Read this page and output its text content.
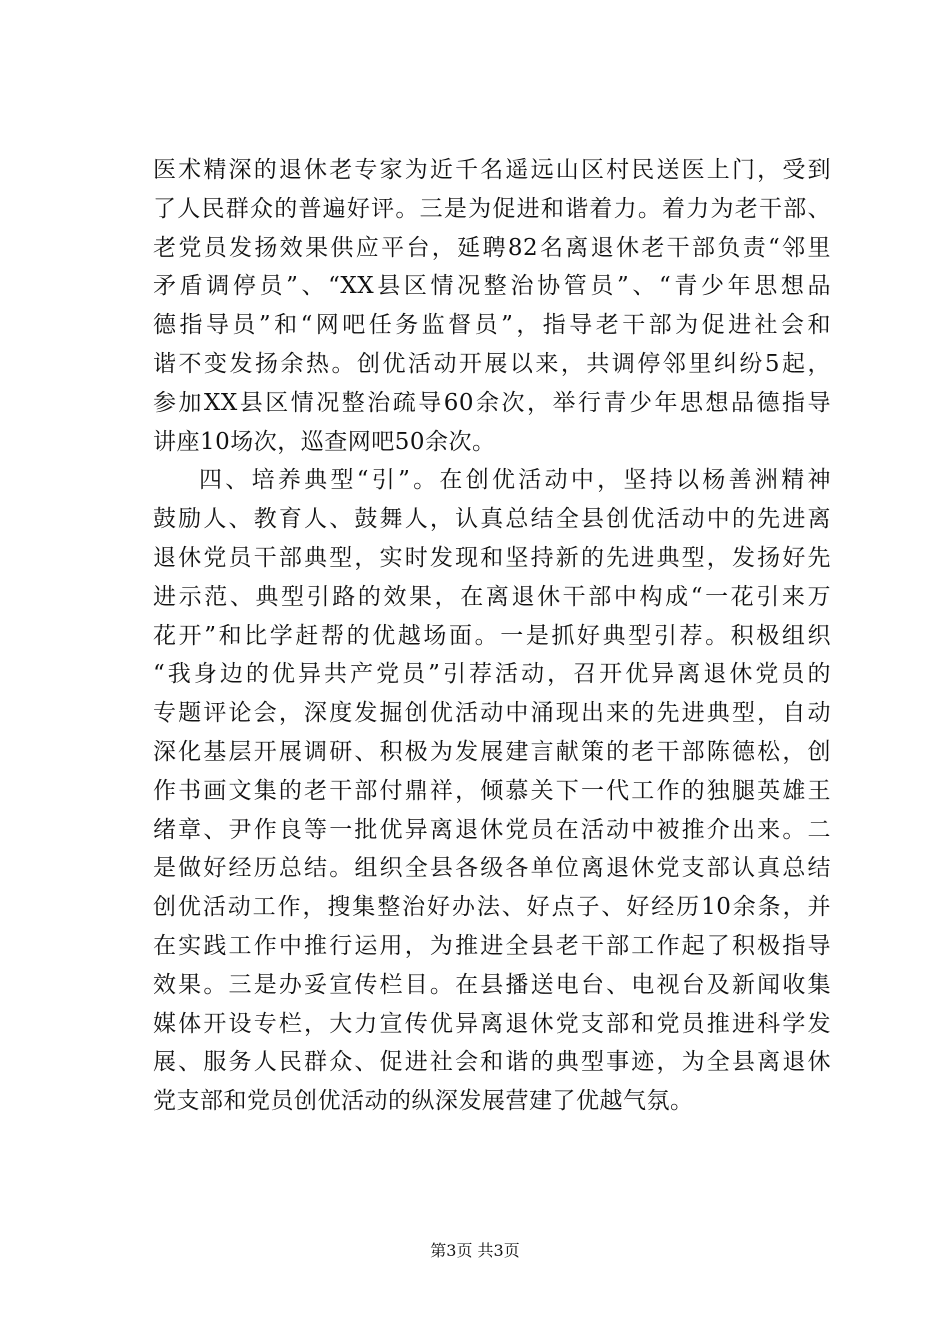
医术精深的退休老专家为近千名遥远山区村民送医上门，受到
了人民群众的普遍好评。三是为促进和谐着力。着力为老干部、
老党员发扬效果供应平台，延聘82名离退休老干部负责“邻里
矛盾调停员”、“XX县区情况整治协管员”、“青少年思想品
德指导员”和“网吧任务监督员”，指导老干部为促进社会和
谐不变发扬余热。创优活动开展以来，共调停邻里纠纷5起，
参加XX县区情况整治疏导60余次，举行青少年思想品德指导
讲座10场次，巡查网吧50余次。
四、培养典型“引”。在创优活动中，坚持以杨善洲精神
鼓励人、教育人、鼓舞人，认真总结全县创优活动中的先进离
退休党员干部典型，实时发现和坚持新的先进典型，发扬好先
进示范、典型引路的效果，在离退休干部中构成“一花引来万
花开”和比学赶帮的优越场面。一是抓好典型引荐。积极组织
“我身边的优异共产党员”引荐活动，召开优异离退休党员的
专题评论会，深度发掘创优活动中涌现出来的先进典型，自动
深化基层开展调研、积极为发展建言献策的老干部陈德松，创
作书画文集的老干部付鼎祥，倾慕关下一代工作的独腿英雄王
绪章、尹作良等一批优异离退休党员在活动中被推介出来。二
是做好经历总结。组织全县各级各单位离退休党支部认真总结
创优活动工作，搜集整治好办法、好点子、好经历10余条，并
在实践工作中推行运用，为推进全县老干部工作起了积极指导
效果。三是办妥宣传栏目。在县播送电台、电视台及新闻收集
媒体开设专栏，大力宣传优异离退休党支部和党员推进科学发
展、服务人民群众、促进社会和谐的典型事迹，为全县离退休
党支部和党员创优活动的纵深发展营建了优越气氛。
第3页 共3页
